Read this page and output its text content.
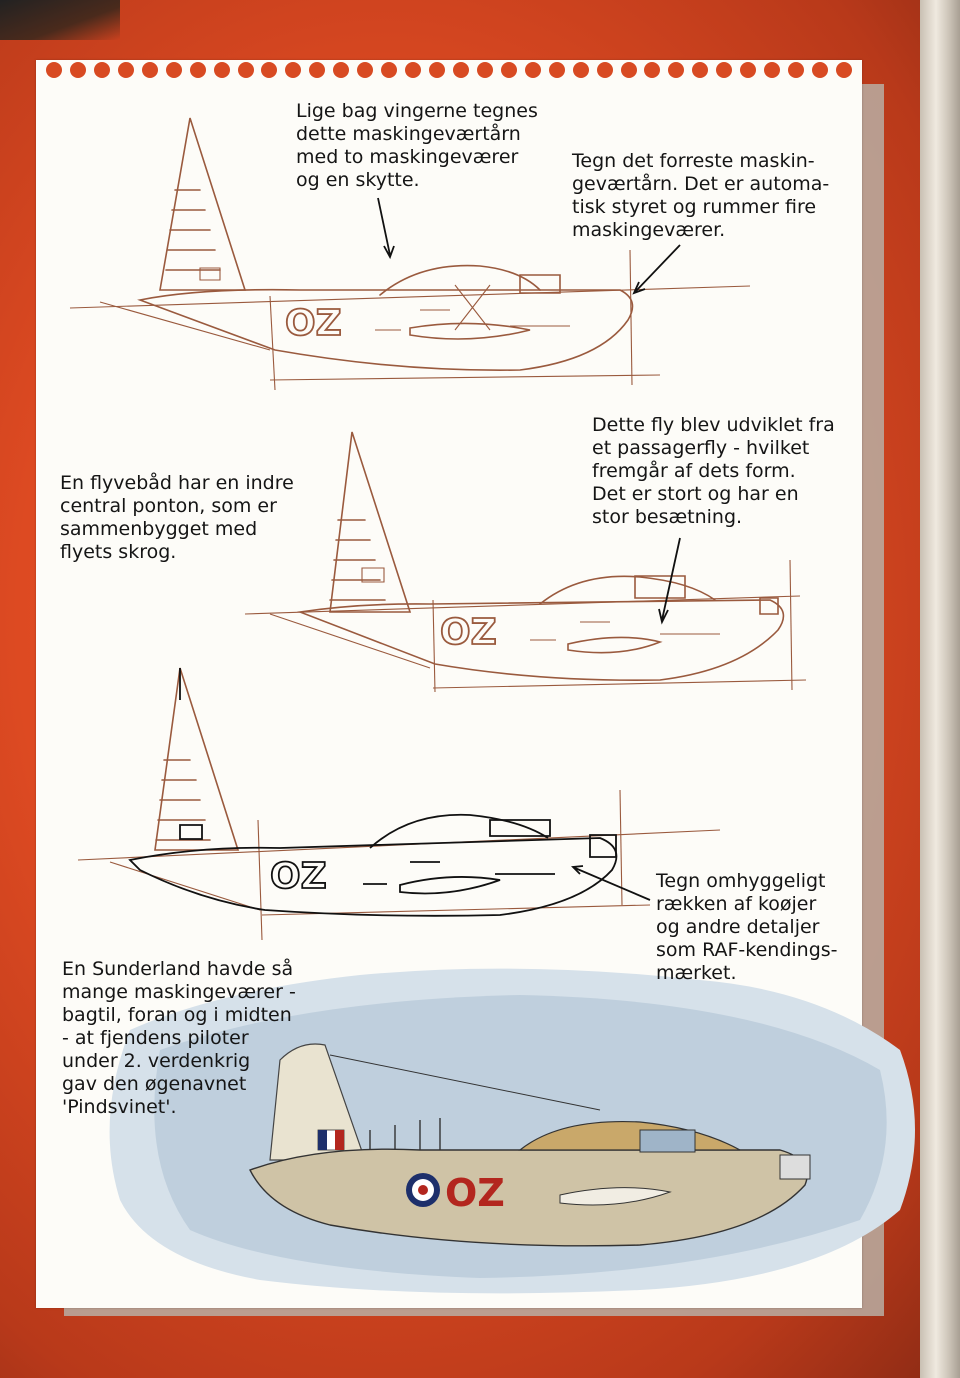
OZ
OZ
OZ
OZ

Lige bag vingerne tegnes
dette maskingeværtårn
med to maskingeværer
og en skytte.

Tegn det forreste maskin-
geværtårn. Det er automa-
tisk styret og rummer fire
maskingeværer.

En flyvebåd har en indre
central ponton, som er
sammenbygget med
flyets skrog.

Dette fly blev udviklet fra
et passagerfly - hvilket
fremgår af dets form.
Det er stort og har en
stor besætning.

Tegn omhyggeligt
rækken af koøjer
og andre detaljer
som RAF-kendings-
mærket.

En Sunderland havde så
mange maskingeværer -
bagtil, foran og i midten
- at fjendens piloter
under 2. verdenkrig
gav den øgenavnet
'Pindsvinet'.
